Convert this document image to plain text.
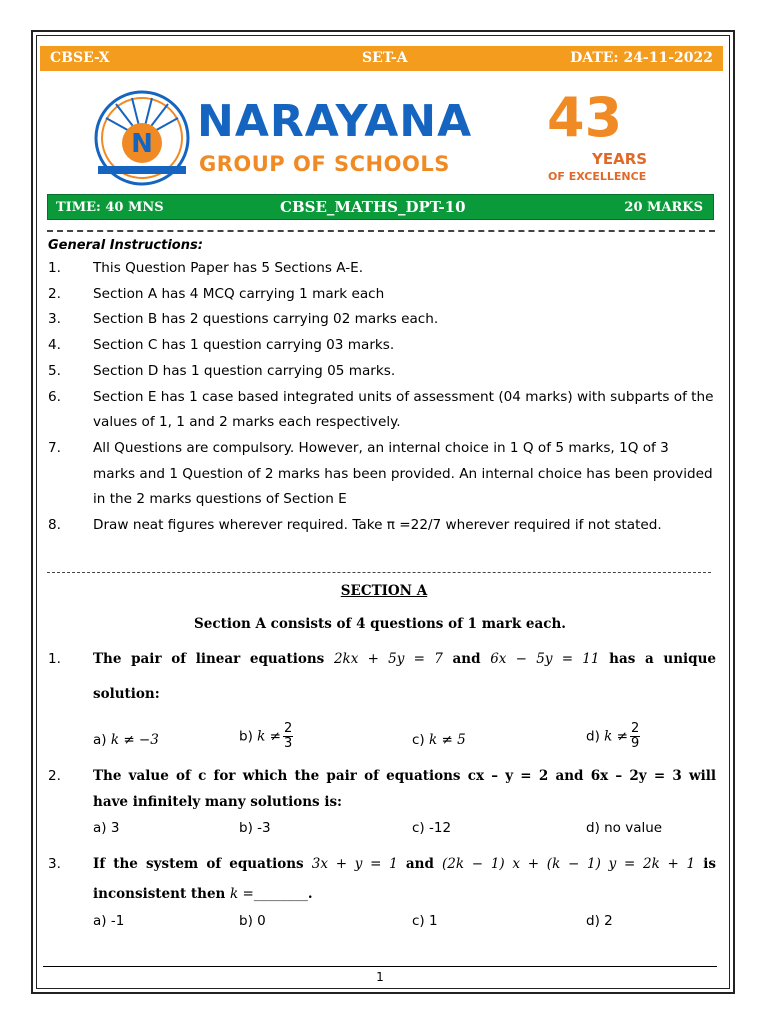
CBSE-X	SET-A	DATE: 24-11-2022
N NARAYANA
GROUP OF SCHOOLS
43
YEARS
OF EXCELLENCE
TIME: 40 MNS	CBSE_MATHS_DPT-10	20 MARKS
General Instructions:
1. This Question Paper has 5 Sections A-E.
2. Section A has 4 MCQ carrying 1 mark each
3. Section B has 2 questions carrying 02 marks each.
4. Section C has 1 question carrying 03 marks.
5. Section D has 1 question carrying 05 marks.
6. Section E has 1 case based integrated units of assessment (04 marks) with subparts of the values of 1, 1 and 2 marks each respectively.
7. All Questions are compulsory. However, an internal choice in 1 Q of 5 marks, 1Q of 3 marks and 1 Question of 2 marks has been provided. An internal choice has been provided in the 2 marks questions of Section E
8. Draw neat figures wherever required. Take π =22/7 wherever required if not stated.
SECTION A
Section A consists of 4 questions of 1 mark each.
1. The pair of linear equations 2kx + 5y = 7 and 6x − 5y = 11 has a unique
solution:
a) k ≠ −3	b) $k \ne \frac{2}{3}$	c) k ≠ 5	d) $k \ne \frac{2}{9}$
2. The value of c for which the pair of equations cx – y = 2 and 6x – 2y = 3 will
have infinitely many solutions is:
a) 3	b) -3	c) -12	d) no value
3. If the system of equations 3x + y = 1 and (2k − 1) x + (k − 1) y = 2k + 1 is
inconsistent then k =________.
a) -1	b) 0	c) 1	d) 2
1
